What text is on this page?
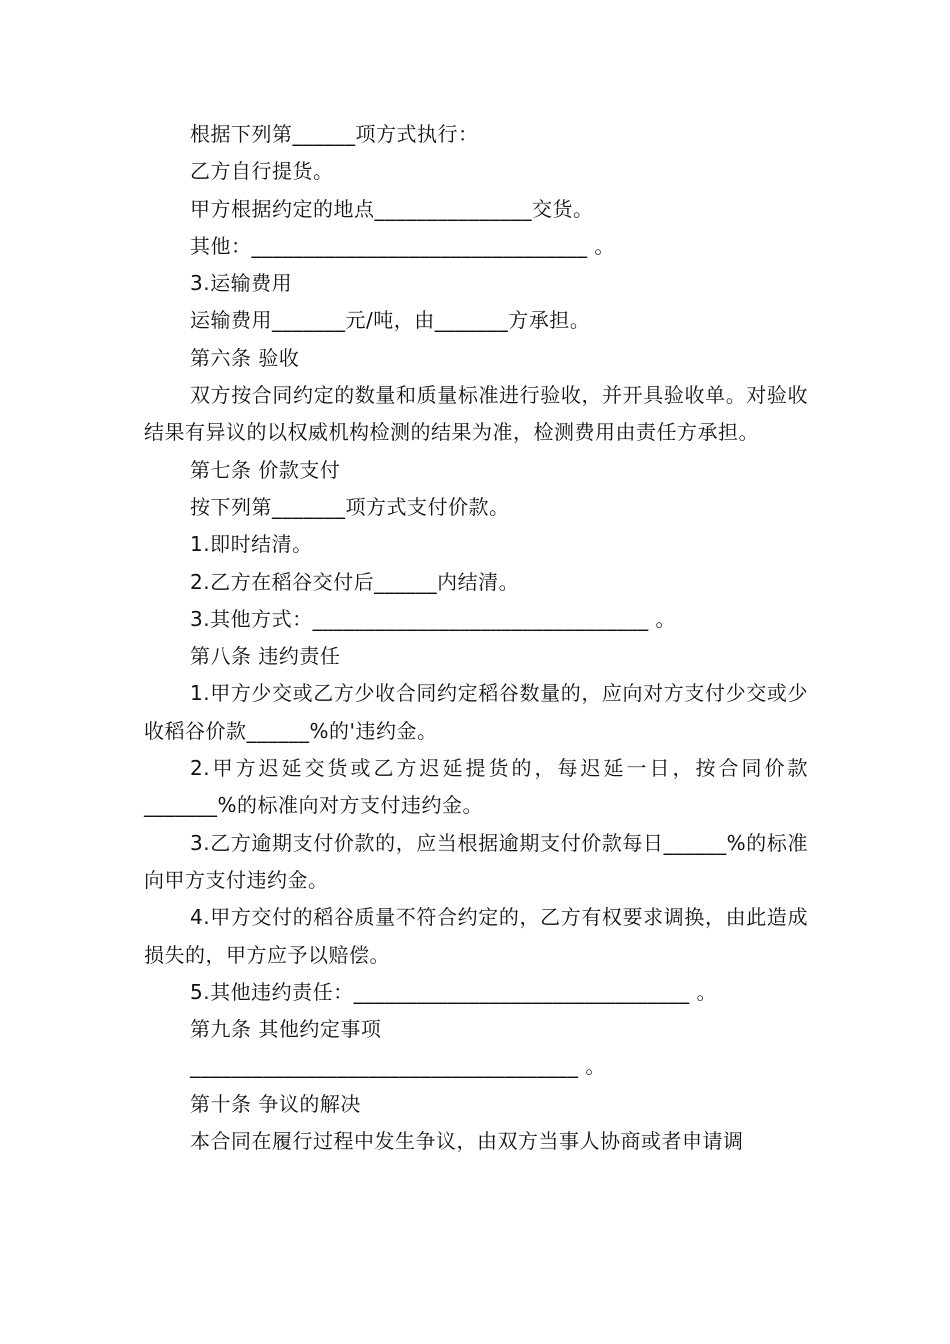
根据下列第______项方式执行：

乙方自行提货。

甲方根据约定的地点_______________交货。

其他：________________________________ 。

3.运输费用

运输费用_______元/吨，由_______方承担。

第六条 验收

双方按合同约定的数量和质量标准进行验收，并开具验收单。对验收结果有异议的以权威机构检测的结果为准，检测费用由责任方承担。

第七条 价款支付

按下列第_______项方式支付价款。

1.即时结清。

2.乙方在稻谷交付后______内结清。

3.其他方式：________________________________ 。

第八条 违约责任

1.甲方少交或乙方少收合同约定稻谷数量的，应向对方支付少交或少收稻谷价款______%的'违约金。

2.甲方迟延交货或乙方迟延提货的，每迟延一日，按合同价款_______%的标准向对方支付违约金。

3.乙方逾期支付价款的，应当根据逾期支付价款每日______%的标准向甲方支付违约金。

4.甲方交付的稻谷质量不符合约定的，乙方有权要求调换，由此造成损失的，甲方应予以赔偿。

5.其他违约责任：________________________________ 。

第九条 其他约定事项

_____________________________________ 。

第十条 争议的解决

本合同在履行过程中发生争议，由双方当事人协商或者申请调
